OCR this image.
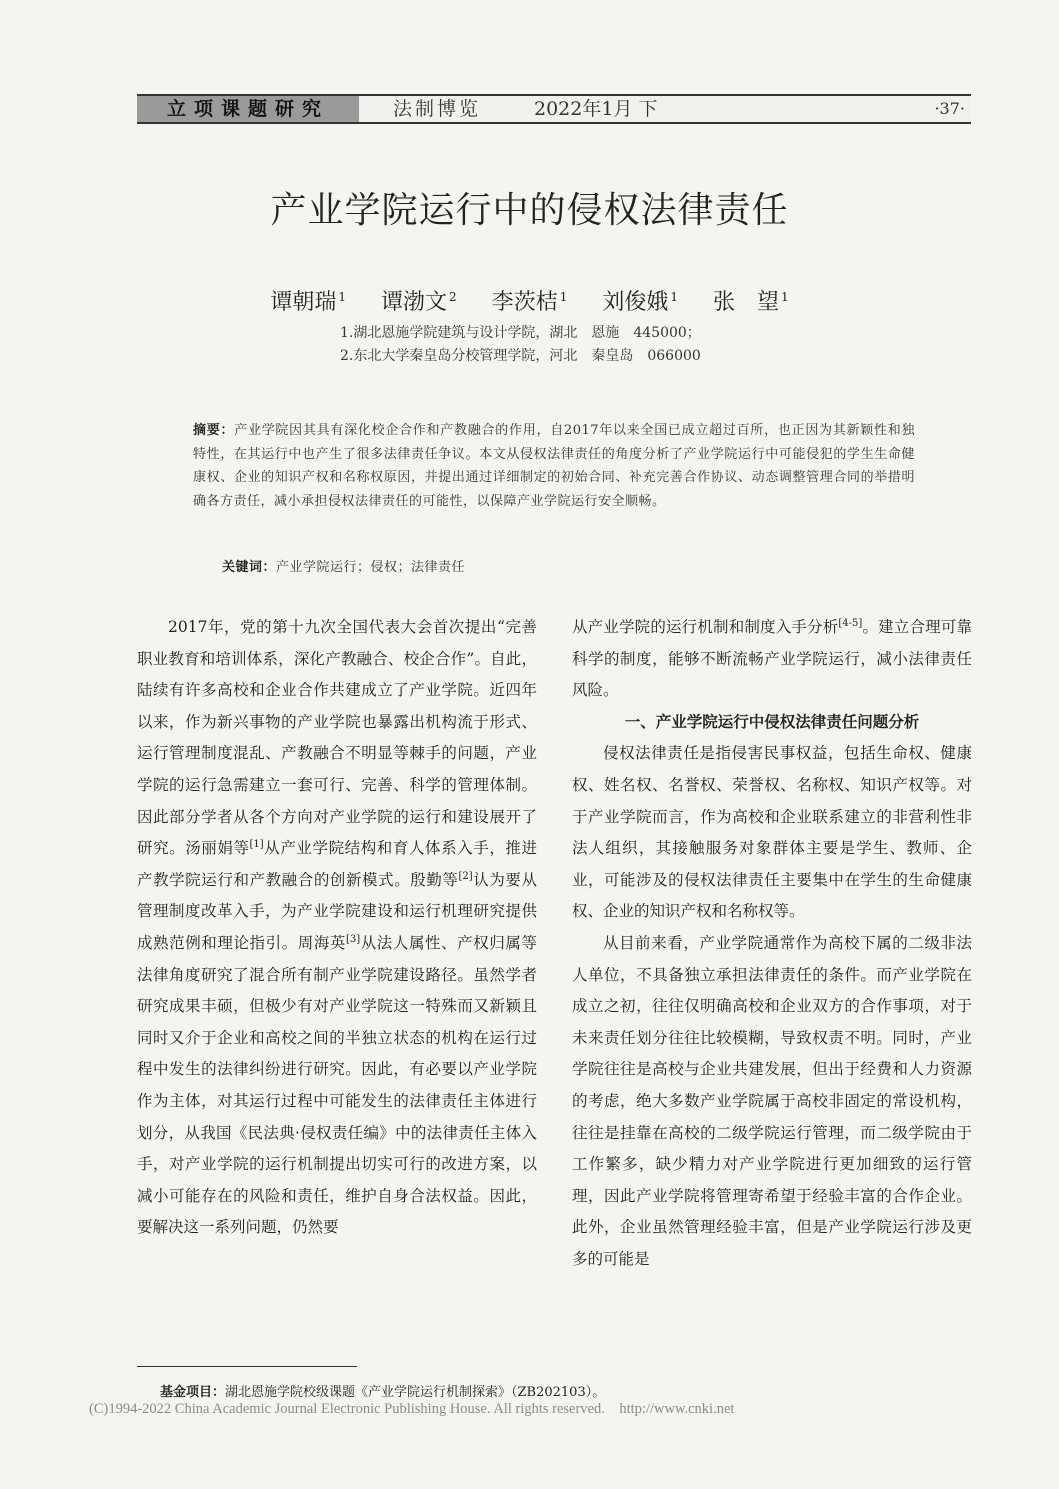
立项课题研究	法制博览	2022年1月 下	·37·
产业学院运行中的侵权法律责任
谭朝瑞 $^1$ 谭渤文 $^2$ 李茨桔 $^1$ 刘俊娥 $^1$ 张　望 $^1$
1.湖北恩施学院建筑与设计学院，湖北　恩施　445000；
2.东北大学秦皇岛分校管理学院，河北　秦皇岛　066000

摘要：产业学院因其具有深化校企合作和产教融合的作用，自2017年以来全国已成立超过百所，也正因为其新颖性和独特性，在其运行中也产生了很多法律责任争议。本文从侵权法律责任的角度分析了产业学院运行中可能侵犯的学生生命健康权、企业的知识产权和名称权原因，并提出通过详细制定的初始合同、补充完善合作协议、动态调整管理合同的举措明确各方责任，减小承担侵权法律责任的可能性，以保障产业学院运行安全顺畅。

关键词：产业学院运行；侵权；法律责任

2017年，党的第十九次全国代表大会首次提出“完善职业教育和培训体系，深化产教融合、校企合作”。自此，陆续有许多高校和企业合作共建成立了产业学院。近四年以来，作为新兴事物的产业学院也暴露出机构流于形式、运行管理制度混乱、产教融合不明显等棘手的问题，产业学院的运行急需建立一套可行、完善、科学的管理体制。因此部分学者从各个方向对产业学院的运行和建设展开了研究。汤丽娟等[1]从产业学院结构和育人体系入手，推进产教学院运行和产教融合的创新模式。殷勤等[2]认为要从管理制度改革入手，为产业学院建设和运行机理研究提供成熟范例和理论指引。周海英[3]从法人属性、产权归属等法律角度研究了混合所有制产业学院建设路径。虽然学者研究成果丰硕，但极少有对产业学院这一特殊而又新颖且同时又介于企业和高校之间的半独立状态的机构在运行过程中发生的法律纠纷进行研究。因此，有必要以产业学院作为主体，对其运行过程中可能发生的法律责任主体进行划分，从我国《民法典·侵权责任编》中的法律责任主体入手，对产业学院的运行机制提出切实可行的改进方案，以减小可能存在的风险和责任，维护自身合法权益。因此，要解决这一系列问题，仍然要

从产业学院的运行机制和制度入手分析[4-5]。建立合理可靠科学的制度，能够不断流畅产业学院运行，减小法律责任风险。

一、产业学院运行中侵权法律责任问题分析

侵权法律责任是指侵害民事权益，包括生命权、健康权、姓名权、名誉权、荣誉权、名称权、知识产权等。对于产业学院而言，作为高校和企业联系建立的非营利性非法人组织，其接触服务对象群体主要是学生、教师、企业，可能涉及的侵权法律责任主要集中在学生的生命健康权、企业的知识产权和名称权等。

从目前来看，产业学院通常作为高校下属的二级非法人单位，不具备独立承担法律责任的条件。而产业学院在成立之初，往往仅明确高校和企业双方的合作事项，对于未来责任划分往往比较模糊，导致权责不明。同时，产业学院往往是高校与企业共建发展，但出于经费和人力资源的考虑，绝大多数产业学院属于高校非固定的常设机构，往往是挂靠在高校的二级学院运行管理，而二级学院由于工作繁多，缺少精力对产业学院进行更加细致的运行管理，因此产业学院将管理寄希望于经验丰富的合作企业。此外，企业虽然管理经验丰富，但是产业学院运行涉及更多的可能是

基金项目：湖北恩施学院校级课题《产业学院运行机制探索》（ZB202103）。
(C)1994-2022 China Academic Journal Electronic Publishing House. All rights reserved.    http://www.cnki.net
